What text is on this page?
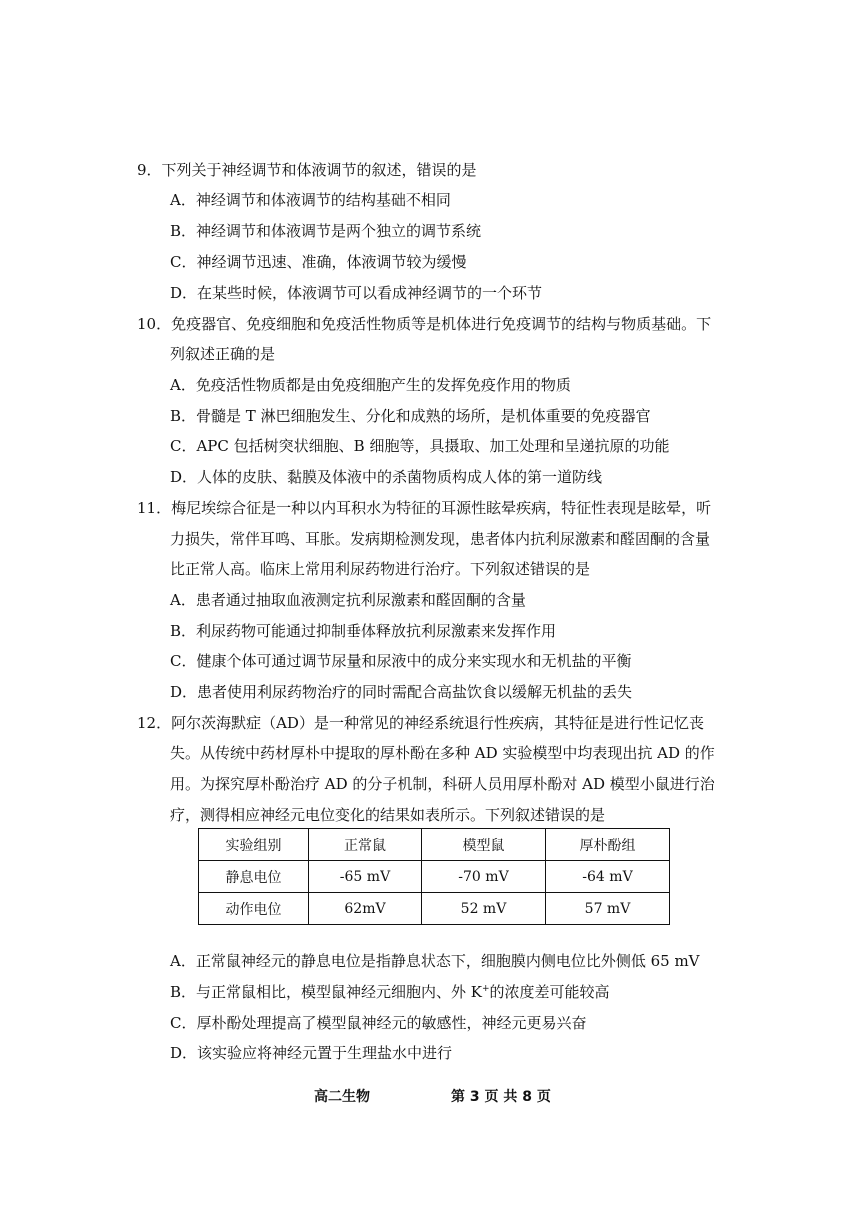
9．下列关于神经调节和体液调节的叙述，错误的是
A．神经调节和体液调节的结构基础不相同
B．神经调节和体液调节是两个独立的调节系统
C．神经调节迅速、准确，体液调节较为缓慢
D．在某些时候，体液调节可以看成神经调节的一个环节
10．免疫器官、免疫细胞和免疫活性物质等是机体进行免疫调节的结构与物质基础。下
列叙述正确的是
A．免疫活性物质都是由免疫细胞产生的发挥免疫作用的物质
B．骨髓是 T 淋巴细胞发生、分化和成熟的场所，是机体重要的免疫器官
C．APC 包括树突状细胞、B 细胞等，具摄取、加工处理和呈递抗原的功能
D．人体的皮肤、黏膜及体液中的杀菌物质构成人体的第一道防线
11．梅尼埃综合征是一种以内耳积水为特征的耳源性眩晕疾病，特征性表现是眩晕，听
力损失，常伴耳鸣、耳胀。发病期检测发现，患者体内抗利尿激素和醛固酮的含量
比正常人高。临床上常用利尿药物进行治疗。下列叙述错误的是
A．患者通过抽取血液测定抗利尿激素和醛固酮的含量
B．利尿药物可能通过抑制垂体释放抗利尿激素来发挥作用
C．健康个体可通过调节尿量和尿液中的成分来实现水和无机盐的平衡
D．患者使用利尿药物治疗的同时需配合高盐饮食以缓解无机盐的丢失
12．阿尔茨海默症（AD）是一种常见的神经系统退行性疾病，其特征是进行性记忆丧
失。从传统中药材厚朴中提取的厚朴酚在多种 AD 实验模型中均表现出抗 AD 的作
用。为探究厚朴酚治疗 AD 的分子机制，科研人员用厚朴酚对 AD 模型小鼠进行治
疗，测得相应神经元电位变化的结果如表所示。下列叙述错误的是
实验组别	正常鼠	模型鼠	厚朴酚组
静息电位	-65 mV	-70 mV	-64 mV
动作电位	62mV	52 mV	57 mV
A．正常鼠神经元的静息电位是指静息状态下，细胞膜内侧电位比外侧低 65 mV
B．与正常鼠相比，模型鼠神经元细胞内、外 K+的浓度差可能较高
C．厚朴酚处理提高了模型鼠神经元的敏感性，神经元更易兴奋
D．该实验应将神经元置于生理盐水中进行
高二生物	第 3 页 共 8 页
